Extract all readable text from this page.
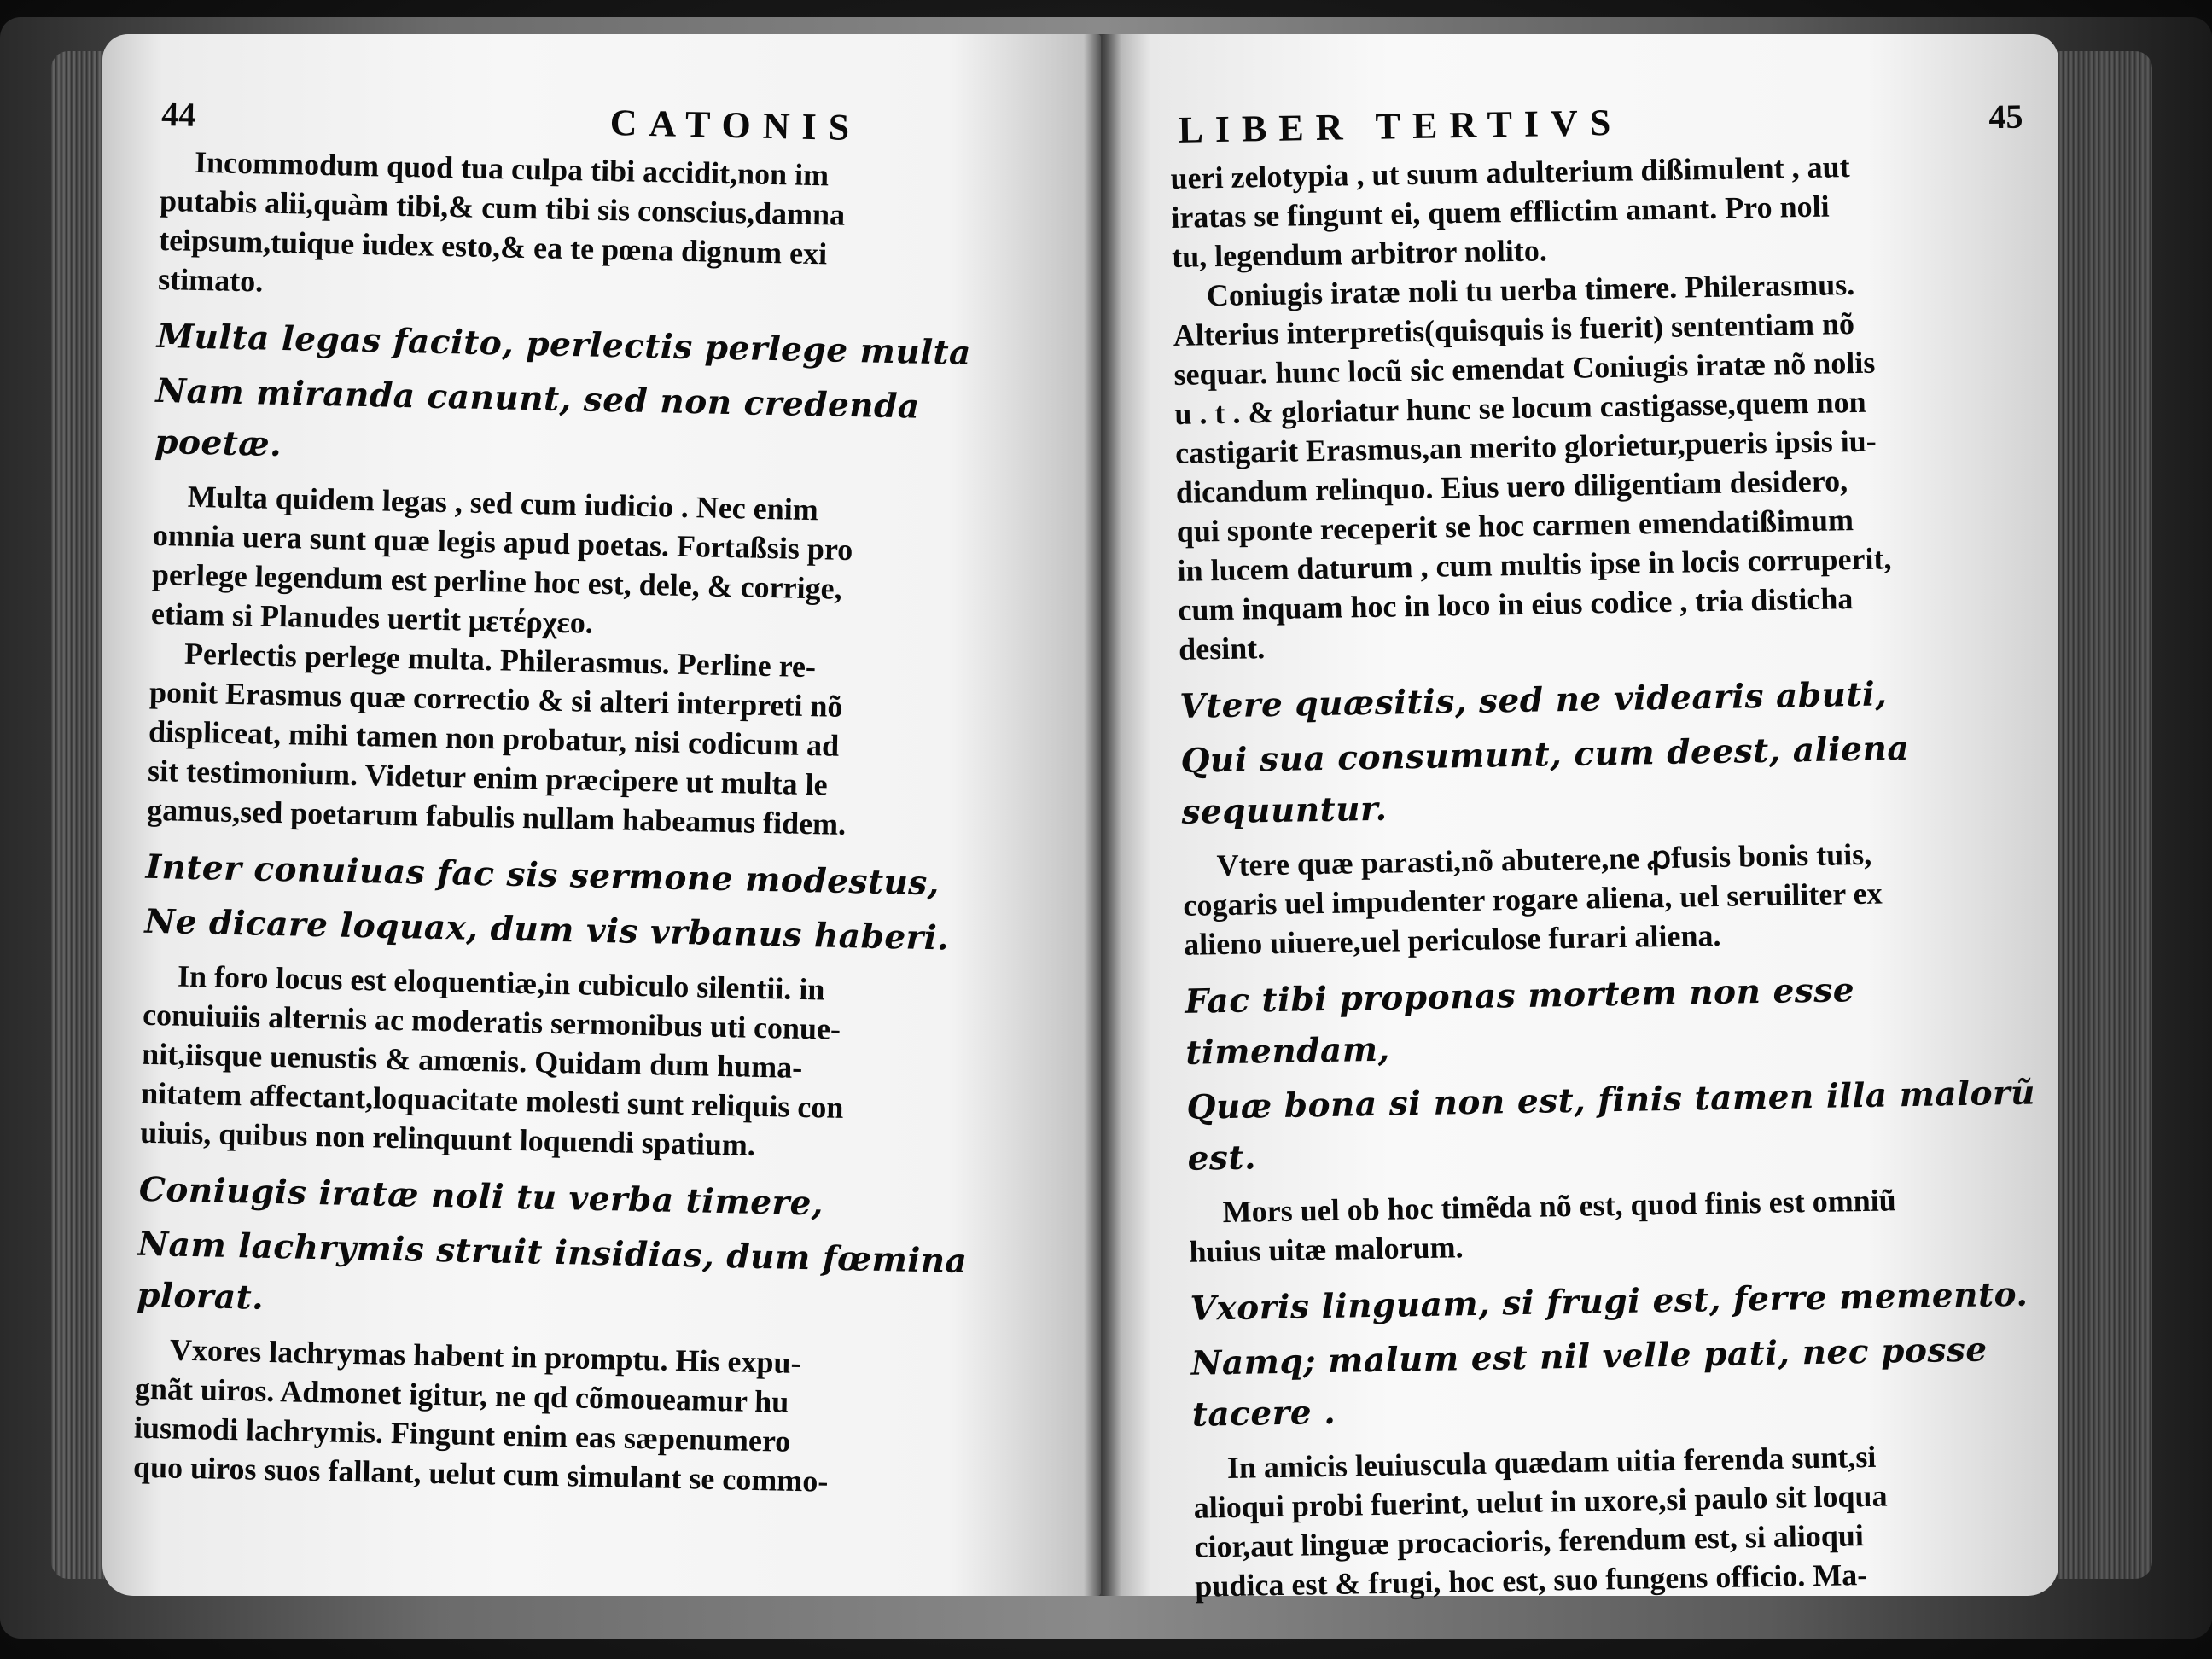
44	CATONIS

Incommodum quod tua culpa tibi accidit,non im

putabis alii,quàm tibi,& cum tibi sis conscius,damna

teipsum,tuique iudex esto,& ea te pœna dignum exi

stimato.

Multa legas facito, perlectis perlege multa

Nam miranda canunt, sed non credenda poetæ.

Multa quidem legas , sed cum iudicio . Nec enim

omnia uera sunt quæ legis apud poetas. Fortaßsis pro

perlege legendum est perline hoc est, dele, & corrige,

etiam si Planudes uertit μετέρχεο.

Perlectis perlege multa. Philerasmus. Perline re-

ponit Erasmus quæ correctio & si alteri interpreti nõ

displiceat, mihi tamen non probatur, nisi codicum ad

sit testimonium. Videtur enim præcipere ut multa le

gamus,sed poetarum fabulis nullam habeamus fidem.

Inter conuiuas fac sis sermone modestus,

Ne dicare loquax, dum vis vrbanus haberi.

In foro locus est eloquentiæ,in cubiculo silentii. in

conuiuiis alternis ac moderatis sermonibus uti conue-

nit,iisque uenustis & amœnis. Quidam dum huma-

nitatem affectant,loquacitate molesti sunt reliquis con

uiuis, quibus non relinquunt loquendi spatium.

Coniugis iratæ noli tu verba timere,

Nam lachrymis struit insidias, dum fœmina plorat.

Vxores lachrymas habent in promptu. His expu-

gnãt uiros. Admonet igitur, ne qd cõmoueamur hu

iusmodi lachrymis. Fingunt enim eas sæpenumero

quo uiros suos fallant, uelut cum simulant se commo-

LIBER TERTIVS	45

ueri zelotypia , ut suum adulterium dißimulent , aut

iratas se fingunt ei, quem efflictim amant. Pro noli

tu, legendum arbitror nolito.

Coniugis iratæ noli tu uerba timere. Philerasmus.

Alterius interpretis(quisquis is fuerit) sententiam nõ

sequar. hunc locũ sic emendat Coniugis iratæ nõ nolis

u . t . & gloriatur hunc se locum castigasse,quem non

castigarit Erasmus,an merito glorietur,pueris ipsis iu-

dicandum relinquo. Eius uero diligentiam desidero,

qui sponte receperit se hoc carmen emendatißimum

in lucem daturum , cum multis ipse in locis corruperit,

cum inquam hoc in loco in eius codice , tria disticha

desint.

Vtere quæsitis, sed ne videaris abuti,

Qui sua consumunt, cum deest, aliena sequuntur.

Vtere quæ parasti,nõ abutere,ne ꝓfusis bonis tuis,

cogaris uel impudenter rogare aliena, uel seruiliter ex

alieno uiuere,uel periculose furari aliena.

Fac tibi proponas mortem non esse timendam,

Quæ bona si non est, finis tamen illa malorũ est.

Mors uel ob hoc timẽda nõ est, quod finis est omniũ

huius uitæ malorum.

Vxoris linguam, si frugi est, ferre memento.

Namq; malum est nil velle pati, nec posse tacere .

In amicis leuiuscula quædam uitia ferenda sunt,si

alioqui probi fuerint, uelut in uxore,si paulo sit loqua

cior,aut linguæ procacioris, ferendum est, si alioqui

pudica est & frugi, hoc est, suo fungens officio. Ma-
